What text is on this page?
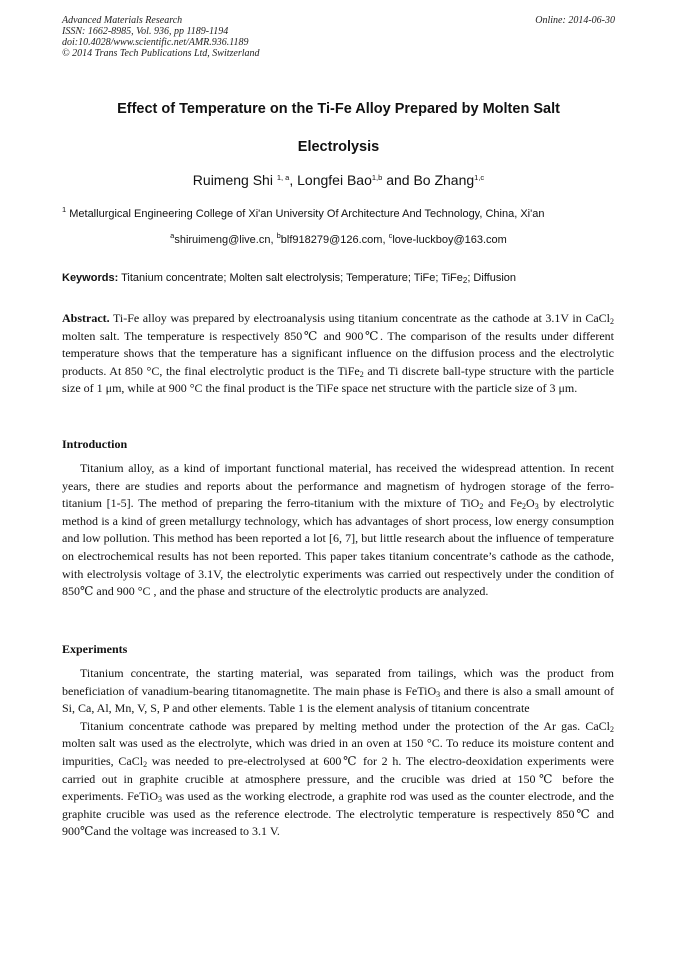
Advanced Materials Research
ISSN: 1662-8985, Vol. 936, pp 1189-1194
doi:10.4028/www.scientific.net/AMR.936.1189
© 2014 Trans Tech Publications Ltd, Switzerland
Online: 2014-06-30
Effect of Temperature on the Ti-Fe Alloy Prepared by Molten Salt
Electrolysis
Ruimeng Shi $^{1, a}$, Longfei Bao$^{1,b}$ and Bo Zhang$^{1,c}$
$^1$ Metallurgical Engineering College of Xi'an University Of Architecture And Technology, China, Xi'an
$^a$shiruimeng@live.cn, $^b$blf918279@126.com, $^c$love-luckboy@163.com
Keywords: Titanium concentrate; Molten salt electrolysis; Temperature; TiFe; TiFe$_2$; Diffusion

Abstract. Ti-Fe alloy was prepared by electroanalysis using titanium concentrate as the cathode at 3.1V in CaCl$_2$ molten salt. The temperature is respectively 850℃ and 900℃. The comparison of the results under different temperature shows that the temperature has a significant influence on the diffusion process and the electrolytic products. At 850 °C, the final electrolytic product is the TiFe$_2$ and Ti discrete ball-type structure with the particle size of 1 μm, while at 900 °C the final product is the TiFe space net structure with the particle size of 3 μm.

Introduction

Titanium alloy, as a kind of important functional material, has received the widespread attention. In recent years, there are studies and reports about the performance and magnetism of hydrogen storage of the ferro-titanium [1-5]. The method of preparing the ferro-titanium with the mixture of TiO$_2$ and $Fe_2O_3$ by electrolytic method is a kind of green metallurgy technology, which has advantages of short process, low energy consumption and low pollution. This method has been reported a lot [6, 7], but little research about the influence of temperature on electrochemical results has not been reported. This paper takes titanium concentrate’s cathode as the cathode, with electrolysis voltage of 3.1V, the electrolytic experiments was carried out respectively under the condition of 850℃ and 900 °C , and the phase and structure of the electrolytic products are analyzed.

Experiments

Titanium concentrate, the starting material, was separated from tailings, which was the product from beneficiation of vanadium-bearing titanomagnetite. The main phase is FeTiO$_3$ and there is also a small amount of Si, Ca, Al, Mn, V, S, P and other elements. Table 1 is the element analysis of titanium concentrate

Titanium concentrate cathode was prepared by melting method under the protection of the Ar gas. CaCl$_2$ molten salt was used as the electrolyte, which was dried in an oven at 150 °C. To reduce its moisture content and impurities, CaCl$_2$ was needed to pre-electrolysed at 600℃ for 2 h. The electro-deoxidation experiments were carried out in graphite crucible at atmosphere pressure, and the crucible was dried at 150℃ before the experiments. FeTiO$_3$ was used as the working electrode, a graphite rod was used as the counter electrode, and the graphite crucible was used as the reference electrode. The electrolytic temperature is respectively 850℃ and 900℃and the voltage was increased to 3.1 V.
